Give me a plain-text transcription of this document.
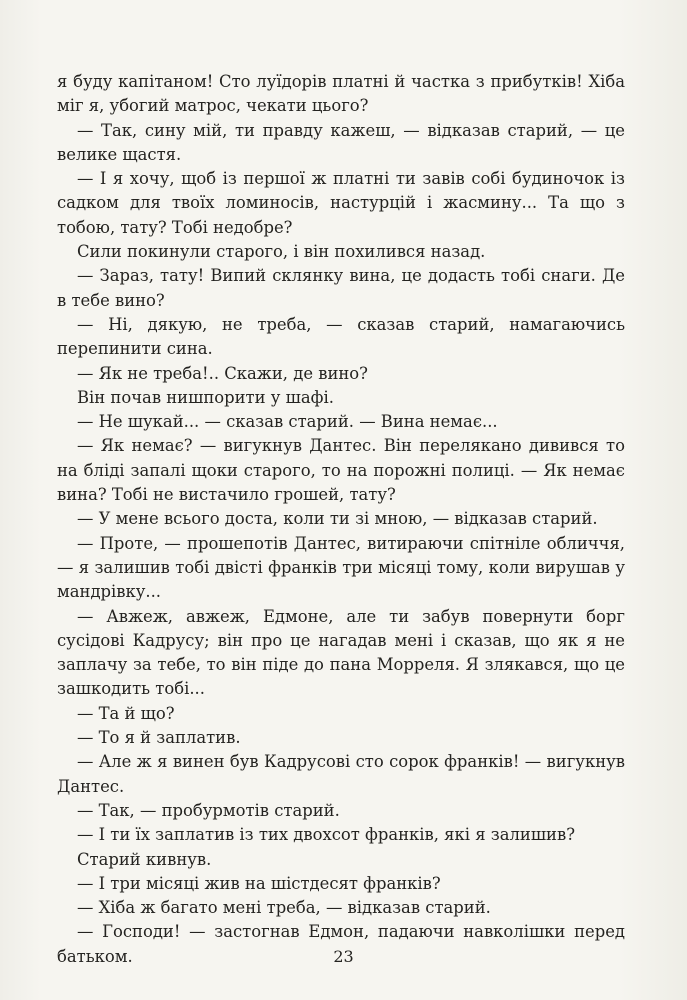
я буду капітаном! Сто луїдорів платні й частка з прибутків! Хіба міг я, убогий матрос, чекати цього?

— Так, сину мій, ти правду кажеш, — відказав старий, — це велике щастя.

— І я хочу, щоб із першої ж платні ти завів собі будиночок із садком для твоїх ломиносів, настурцій і жасмину... Та що з тобою, тату? Тобі недобре?

Сили покинули старого, і він похилився назад.

— Зараз, тату! Випий склянку вина, це додасть тобі снаги. Де в тебе вино?

— Ні, дякую, не треба, — сказав старий, намагаючись перепинити сина.

— Як не треба!.. Скажи, де вино?

Він почав нишпорити у шафі.

— Не шукай... — сказав старий. — Вина немає...

— Як немає? — вигукнув Дантес. Він перелякано дивився то на бліді запалі щоки старого, то на порожні полиці. — Як немає вина? Тобі не вистачило грошей, тату?

— У мене всього доста, коли ти зі мною, — відказав старий.

— Проте, — прошепотів Дантес, витираючи спітніле обличчя, — я залишив тобі двісті франків три місяці тому, коли вирушав у мандрівку...

— Авжеж, авжеж, Едмоне, але ти забув повернути борг сусідові Кадрусу; він про це нагадав мені і сказав, що як я не заплачу за тебе, то він піде до пана Морреля. Я злякався, що це зашкодить тобі...

— Та й що?

— То я й заплатив.

— Але ж я винен був Кадрусові сто сорок франків! — вигукнув Дантес.

— Так, — пробурмотів старий.

— І ти їх заплатив із тих двохсот франків, які я залишив?

Старий кивнув.

— І три місяці жив на шістдесят франків?

— Хіба ж багато мені треба, — відказав старий.

— Господи! — застогнав Едмон, падаючи навколішки перед батьком.	23
